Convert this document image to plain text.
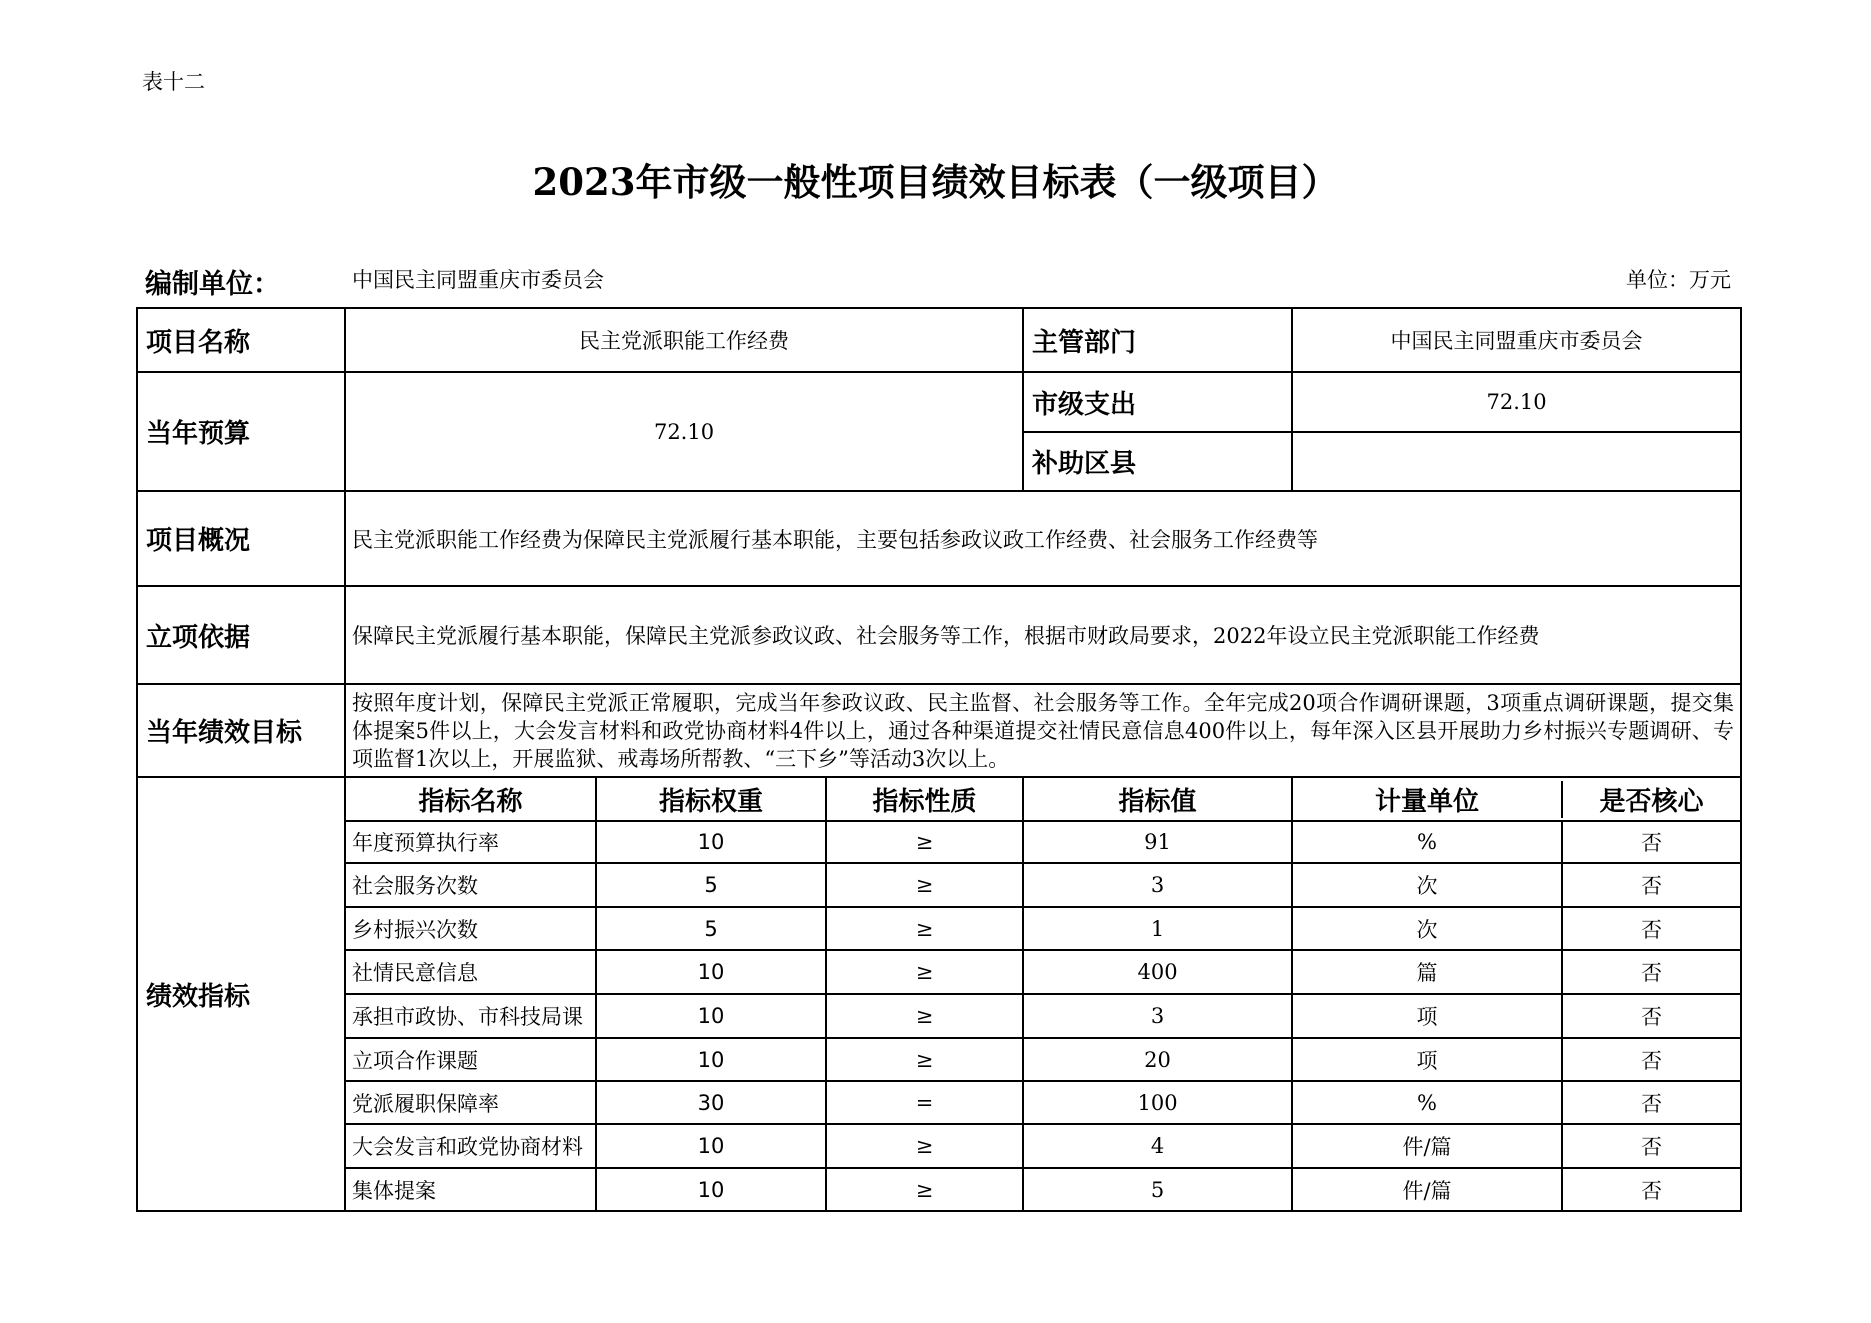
表十二
2023年市级一般性项目绩效目标表（一级项目）
编制单位：	中国民主同盟重庆市委员会	单位：万元
项目名称	民主党派职能工作经费			主管部门	中国民主同盟重庆市委员会
当年预算	72.10			市级支出	72.10
				补助区县	
项目概况	民主党派职能工作经费为保障民主党派履行基本职能，主要包括参政议政工作经费、社会服务工作经费等				
立项依据	保障民主党派履行基本职能，保障民主党派参政议政、社会服务等工作，根据市财政局要求，2022年设立民主党派职能工作经费				
当年绩效目标	按照年度计划，保障民主党派正常履职，完成当年参政议政、民主监督、社会服务等工作。全年完成20项合作调研课题，3项重点调研课题，提交集体提案5件以上，大会发言材料和政党协商材料4件以上，通过各种渠道提交社情民意信息400件以上，每年深入区县开展助力乡村振兴专题调研、专项监督1次以上，开展监狱、戒毒场所帮教、“三下乡”等活动3次以上。				
绩效指标	指标名称	指标权重	指标性质	指标值	计量单位 是否核心

	年度预算执行率	10	≥	91	% 否

	社会服务次数	5	≥	3	次 否

	乡村振兴次数	5	≥	1	次 否

	社情民意信息	10	≥	400	篇 否

	承担市政协、市科技局课	10	≥	3	项 否

	立项合作课题	10	≥	20	项 否

	党派履职保障率	30	=	100	% 否

	大会发言和政党协商材料	10	≥	4	件/篇 否

	集体提案	10	≥	5	件/篇 否
